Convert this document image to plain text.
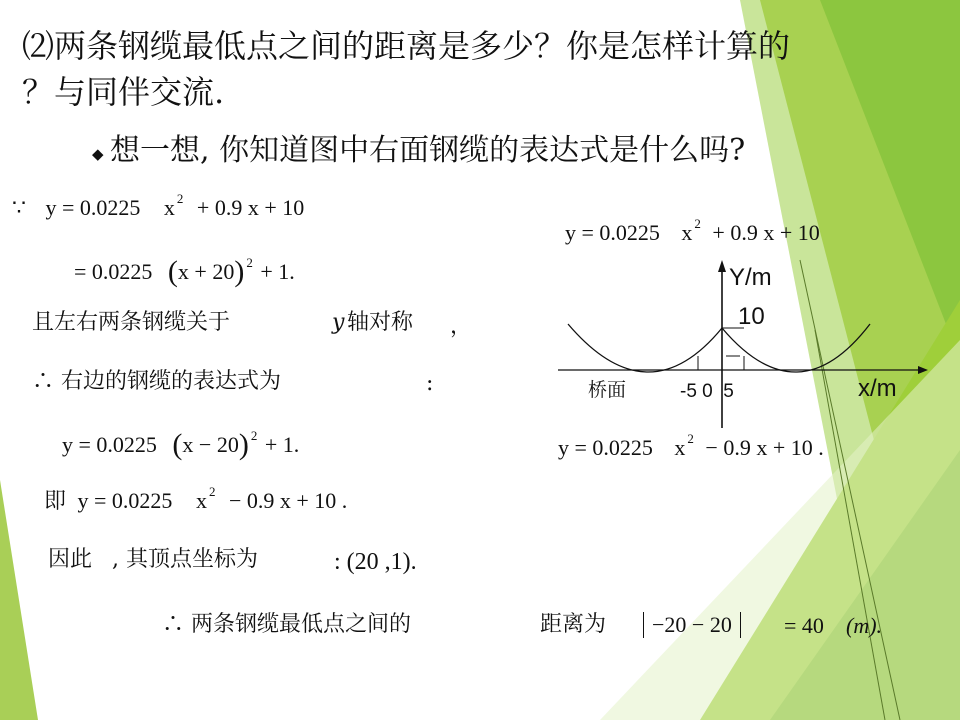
⑵两条钢缆最低点之间的距离是多少？你是怎样计算的
？与同伴交流.
◆ 想一想, 你知道图中右面钢缆的表达式是什么吗?
∵ y = 0.0225 x $^2$ + 0.9 x + 10
= 0.0225 (x + 20) $^2$ + 1.
且左右两条钢缆关于	y 轴对称 ，
∴ 右边的钢缆的表达式为	:
y = 0.0225 (x − 20) $^2$ + 1.
即 y = 0.0225 x $^2$ − 0.9 x + 10 .
因此 , 其顶点坐标为	: (20 ,1).
∴ 两条钢缆最低点之间的	距离为	−20 − 20	= 40 (m).
y = 0.0225 x $^2$ + 0.9 x + 10
y = 0.0225 x $^2$ − 0.9 x + 10 .
Y/m
10
x/m
桥面	-5 0  5
